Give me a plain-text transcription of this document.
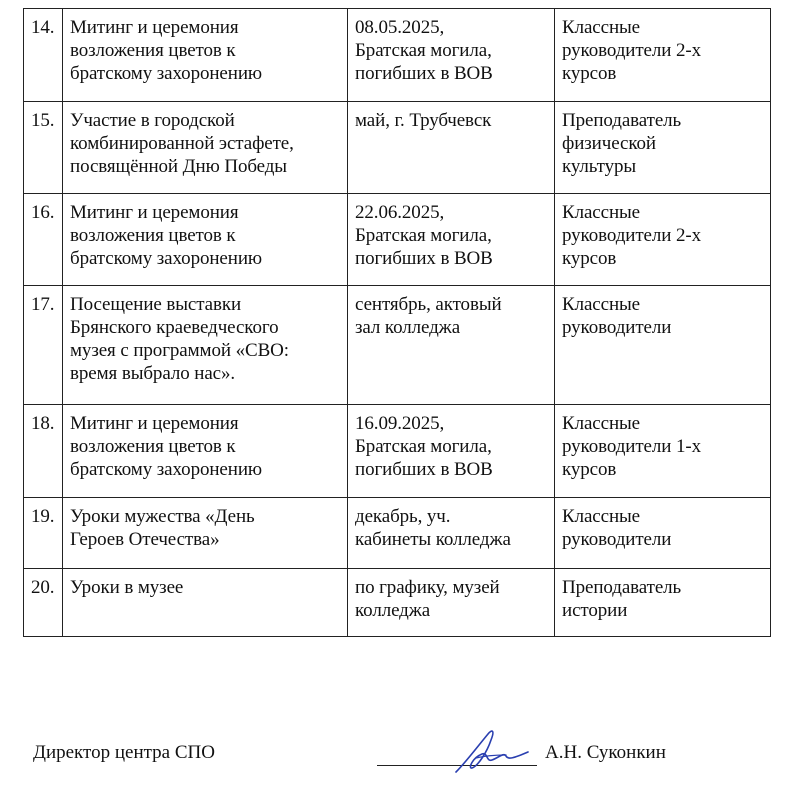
14.	Митинг и церемония
возложения цветов к
братскому захоронению	08.05.2025,
Братская могила,
погибших в ВОВ	Классные
руководители 2-х
курсов
15.	Участие в городской
комбинированной эстафете,
посвящённой Дню Победы	май, г. Трубчевск	Преподаватель
физической
культуры
16.	Митинг и церемония
возложения цветов к
братскому захоронению	22.06.2025,
Братская могила,
погибших в ВОВ	Классные
руководители 2-х
курсов
17.	Посещение выставки
Брянского краеведческого
музея с программой «СВО:
время выбрало нас».	сентябрь, актовый
зал колледжа	Классные
руководители
18.	Митинг и церемония
возложения цветов к
братскому захоронению	16.09.2025,
Братская могила,
погибших в ВОВ	Классные
руководители 1-х
курсов
19.	Уроки мужества «День
Героев Отечества»	декабрь, уч.
кабинеты колледжа	Классные
руководители
20.	Уроки в музее	по графику, музей
колледжа	Преподаватель
истории
Директор центра СПО	А.Н. Суконкин
